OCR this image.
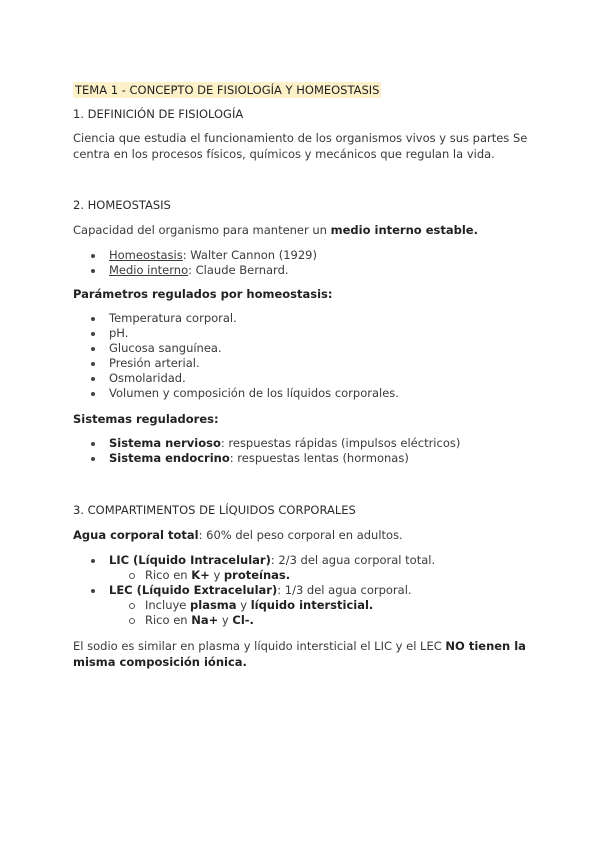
TEMA 1 - CONCEPTO DE FISIOLOGÍA Y HOMEOSTASIS
1. DEFINICIÓN DE FISIOLOGÍA

Ciencia que estudia el funcionamiento de los organismos vivos y sus partes Se
centra en los procesos físicos, químicos y mecánicos que regulan la vida.

2. HOMEOSTASIS

Capacidad del organismo para mantener un medio interno estable.

Homeostasis: Walter Cannon (1929)
Medio interno: Claude Bernard.

Parámetros regulados por homeostasis:

Temperatura corporal.
pH.
Glucosa sanguínea.
Presión arterial.
Osmolaridad.
Volumen y composición de los líquidos corporales.

Sistemas reguladores:

Sistema nervioso: respuestas rápidas (impulsos eléctricos)
Sistema endocrino: respuestas lentas (hormonas)
3. COMPARTIMENTOS DE LÍQUIDOS CORPORALES

Agua corporal total: 60% del peso corporal en adultos.

LIC (Líquido Intracelular): 2/3 del agua corporal total.
Rico en K+ y proteínas.
LEC (Líquido Extracelular): 1/3 del agua corporal.
Incluye plasma y líquido intersticial.
Rico en Na+ y Cl-.

El sodio es similar en plasma y líquido intersticial el LIC y el LEC NO tienen la
misma composición iónica.
